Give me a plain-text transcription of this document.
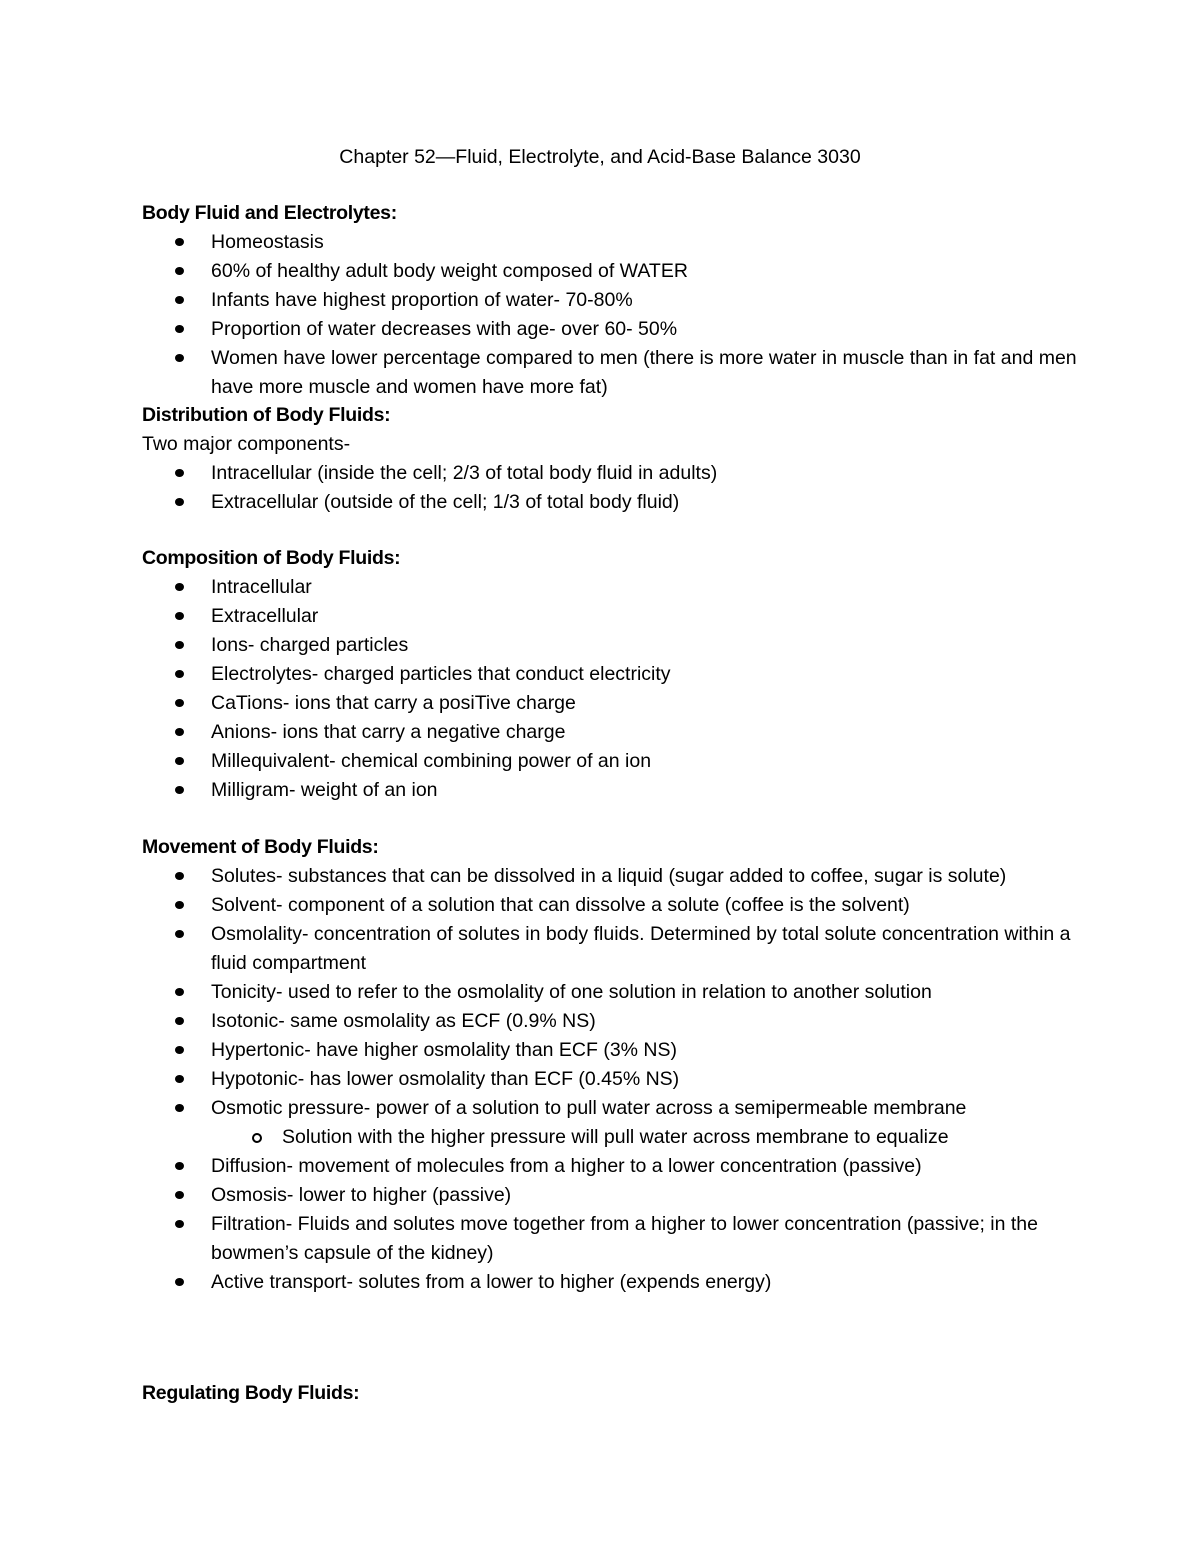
Chapter 52—Fluid, Electrolyte, and Acid-Base Balance 3030
Body Fluid and Electrolytes:
Homeostasis
60% of healthy adult body weight composed of WATER
Infants have highest proportion of water- 70-80%
Proportion of water decreases with age- over 60- 50%
Women have lower percentage compared to men (there is more water in muscle than in fat and men have more muscle and women have more fat)
Distribution of Body Fluids:
Two major components-
Intracellular (inside the cell; 2/3 of total body fluid in adults)
Extracellular (outside of the cell; 1/3 of total body fluid)
Composition of Body Fluids:
Intracellular
Extracellular
Ions- charged particles
Electrolytes- charged particles that conduct electricity
CaTions- ions that carry a posiTive charge
Anions- ions that carry a negative charge
Millequivalent- chemical combining power of an ion
Milligram- weight of an ion
Movement of Body Fluids:
Solutes- substances that can be dissolved in a liquid (sugar added to coffee, sugar is solute)
Solvent- component of a solution that can dissolve a solute (coffee is the solvent)
Osmolality- concentration of solutes in body fluids. Determined by total solute concentration within a fluid compartment
Tonicity- used to refer to the osmolality of one solution in relation to another solution
Isotonic- same osmolality as ECF (0.9% NS)
Hypertonic- have higher osmolality than ECF (3% NS)
Hypotonic- has lower osmolality than ECF (0.45% NS)
Osmotic pressure- power of a solution to pull water across a semipermeable membrane
Solution with the higher pressure will pull water across membrane to equalize
Diffusion- movement of molecules from a higher to a lower concentration (passive)
Osmosis- lower to higher (passive)
Filtration- Fluids and solutes move together from a higher to lower concentration (passive; in the bowmen’s capsule of the kidney)
Active transport- solutes from a lower to higher (expends energy)
Regulating Body Fluids:
